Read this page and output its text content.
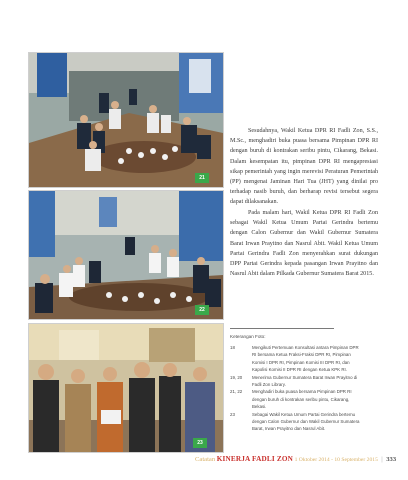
21
22
23

Sesudahnya, Wakil Ketua DPR RI Fadli Zon, S.S., M.Sc., menghadiri buka puasa bersama Pimpinan DPR RI dengan buruh di kontrakan seribu pintu, Cikarang, Bekasi. Dalam kesempatan itu, pimpinan DPR RI mengapresiasi sikap pemerintah yang ingin merevisi Peraturan Pemerintah (PP) mengenai Jaminan Hari Tua (JHT) yang dinilai pro terhadap nasib buruh, dan berharap revisi tersebut segera dapat dilaksanakan.

Pada malam hari, Wakil Ketua DPR RI Fadli Zon sebagai Wakil Ketua Umum Partai Gerindra bertemu dengan Calon Gubernur dan Wakil Gubernur Sumatera Barat Irwan Prayitno dan Nasrul Abit. Wakil Ketua Umum Partai Gerindra Fadli Zon menyerahkan surat dukungan DPP Partai Gerindra kepada pasangan Irwan Prayitno dan Nasrul Abit dalam Pilkada Gubernur Sumatera Barat 2015.

Keterangan Foto:
18	Mengikuti Pertemuan Konsultasi antara Pimpinan DPR RI bersama Ketua Fraksi-Fraksi DPR RI, Pimpinan Komisi I DPR RI, Pimpinan Komisi III DPR RI, dan Kapolisi Komisi II DPR RI dengan Ketua KPK RI.
19, 20	Menerima Gubernur Sumatera Barat Irwan Prayitno di Fadli Zon Library.
21, 22	Menghadiri buka puasa bersama Pimpinan DPR RI dengan buruh di kontrakan seribu pintu, Cikarang, Bekasi.
23	Sebagai Wakil Ketua Umum Partai Gerindra bertemu dengan Calon Gubernur dan Wakil Gubernur Sumatera Barat, Irwan Prayitno dan Nasrul Abit.
Catatan KINERJA FADLI ZON 1 Oktober 2014 - 10 September 2015 | 333
